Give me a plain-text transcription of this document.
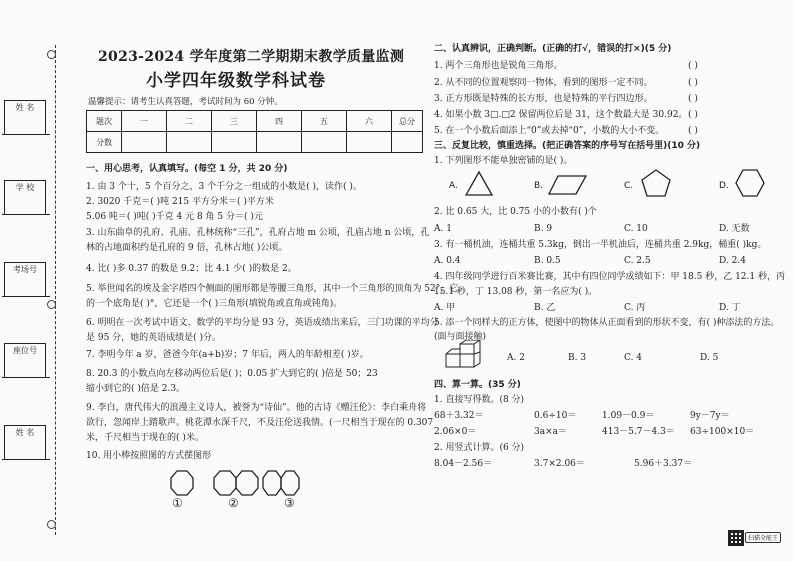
姓 名
学 校
考场号
座位号
姓 名
2023-2024 学年度第二学期期末教学质量监测
小学四年级数学科试卷
温馨提示：请考生认真答题，考试时间为 60 分钟。
题次	一	二	三	四	五	六	总分
分数							
一、用心思考，认真填写。(每空 1 分，共 20 分)
1. 由 3 个十，5 个百分之，3 个千分之一组成的小数是( )，读作( )。
2. 3020 千克＝( )吨 215 平方分米＝( )平方米
5.06 吨＝( )吨( )千克 4 元 8 角 5 分＝( )元
3. 山东曲阜的孔府、孔庙、孔林统称“三孔”，孔府占地 m 公顷，孔庙占地 n 公顷，孔
林的占地面积约是孔府的 9 倍，孔林占地( )公顷。
4. 比( )多 0.37 的数是 9.2；比 4.1 少( )的数是 2。
5. 举世闻名的埃及金字塔四个侧面的图形都是等腰三角形，其中一个三角形的顶角为 52°，它
的一个底角是( )°，它还是一个( )三角形(填锐角或直角或钝角)。
6. 明明在一次考试中语文、数学的平均分是 93 分，英语成绩出来后，三门功课的平均分
是 95 分，她的英语成绩是( )分。
7. 李明今年 a 岁，爸爸今年(a+b)岁；7 年后，两人的年龄相差( )岁。
8. 20.3 的小数点向左移动两位后是( )；0.05 扩大到它的( )倍是 50；23
缩小到它的( )倍是 2.3。
9. 李白，唐代伟大的浪漫主义诗人，被誉为“诗仙”。他的古诗《赠汪伦》：李白乘舟将
欲行，忽闻岸上踏歌声。桃花潭水深千尺，不及汪伦送我情。(一尺相当于现在的 0.307
米，千尺相当于现在的( )米。
10. 用小棒按照图的方式摆图形
①	②	③
二、认真辨识，正确判断。(正确的打√，错误的打×)(5 分)
1. 两个三角形也是锐角三角形。
2. 从不同的位置观察同一物体，看到的图形一定不同。
3. 正方形既是特殊的长方形，也是特殊的平行四边形。
4. 如果小数 3□.□2 保留两位后是 31，这个数最大是 30.92。
5. 在一个小数后面添上“0”或去掉“0”，小数的大小不变。
( )
( )
( )
( )
( )
三、反复比较，慎重选择。(把正确答案的序号写在括号里)(10 分)
1. 下列图形不能单独密铺的是( )。
A.	B.	C.	D.
2. 比 0.65 大，比 0.75 小的小数有( )个
A. 1	B. 9	C. 10	D. 无数
3. 有一桶机油，连桶共重 5.3kg，倒出一半机油后，连桶共重 2.9kg，桶重( )kg。
A. 0.4	B. 0.5	C. 2.5	D. 2.4
4. 四年级同学进行百米赛比赛，其中有四位同学成绩如下：甲 18.5 秒，乙 12.1 秒，丙
15.1 秒，丁 13.08 秒，第一名应为( )。
A. 甲	B. 乙	C. 丙	D. 丁
5. 添一个同样大的正方体，使图中的物体从正面看到的形状不变，有( )种添法的方法。
(面与面接触)
A. 2	B. 3	C. 4	D. 5
四、算一算。(35 分)
1. 直接写得数。(8 分)
68＋3.32＝	0.6÷10＝	1.09－0.9＝	9y－7y＝
2.06×0＝	3a×a＝	413－5.7－4.3＝ 63÷100×10＝
2. 用竖式计算。(6 分)
8.04－2.56＝	3.7×2.06＝	5.96＋3.37＝
扫描全能王
